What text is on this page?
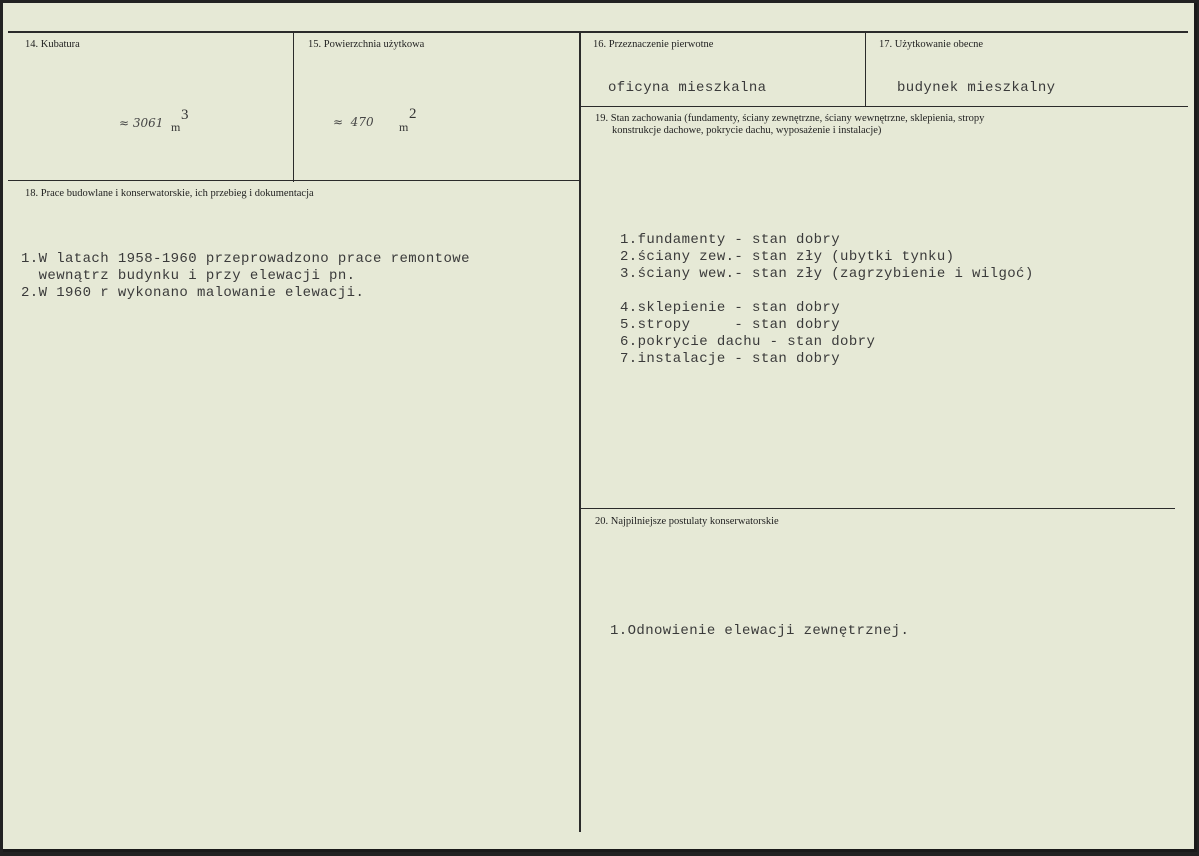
14. Kubatura
≈ 3061 m
3
15. Powierzchnia użytkowa
≈  470 m
2
16. Przeznaczenie pierwotne
oficyna mieszkalna
17. Użytkowanie obecne
budynek mieszkalny
18. Prace budowlane i konserwatorskie, ich przebieg i dokumentacja
1.W latach 1958-1960 przeprowadzono prace remontowe
wewnątrz budynku i przy elewacji pn.
2.W 1960 r wykonano malowanie elewacji.
19. Stan zachowania (fundamenty, ściany zewnętrzne, ściany wewnętrzne, sklepienia, stropy
konstrukcje dachowe, pokrycie dachu, wyposażenie i instalacje)
1.fundamenty - stan dobry
2.ściany zew.- stan zły (ubytki tynku)
3.ściany wew.- stan zły (zagrzybienie i wilgoć)
4.sklepienie - stan dobry
5.stropy     - stan dobry
6.pokrycie dachu - stan dobry
7.instalacje - stan dobry
20. Najpilniejsze postulaty konserwatorskie
1.Odnowienie elewacji zewnętrznej.
